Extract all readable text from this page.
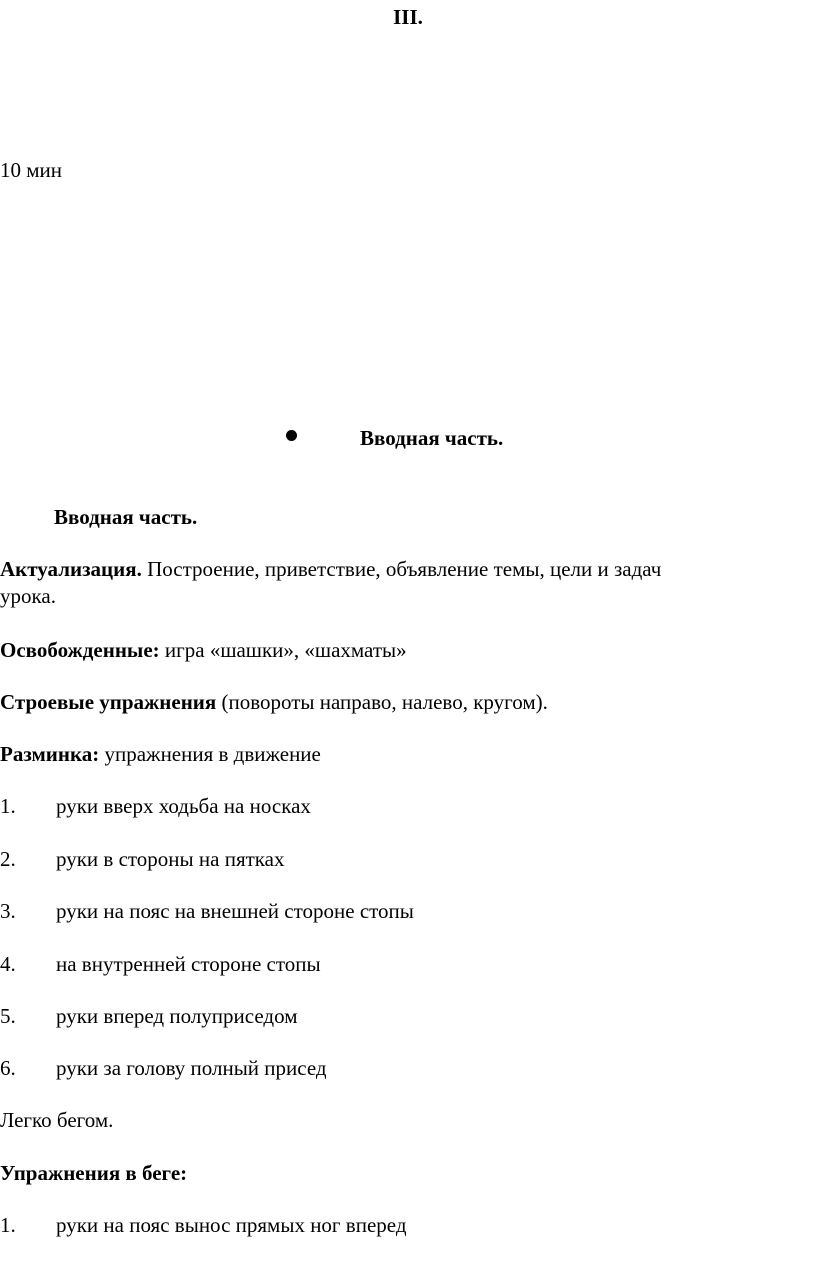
III.
10 мин
Вводная часть.
Вводная часть.
Актуализация. Построение, приветствие, объявление темы, цели и задач
урока.
Освобожденные: игра «шашки», «шахматы»
Строевые упражнения (повороты направо, налево, кругом).
Разминка: упражнения в движение
1. руки вверх ходьба на носках
2. руки в стороны на пятках
3. руки на пояс на внешней стороне стопы
4. на внутренней стороне стопы
5. руки вперед полуприседом
6. руки за голову полный присед
Легко бегом.
Упражнения в беге:
1. руки на пояс вынос прямых ног вперед
